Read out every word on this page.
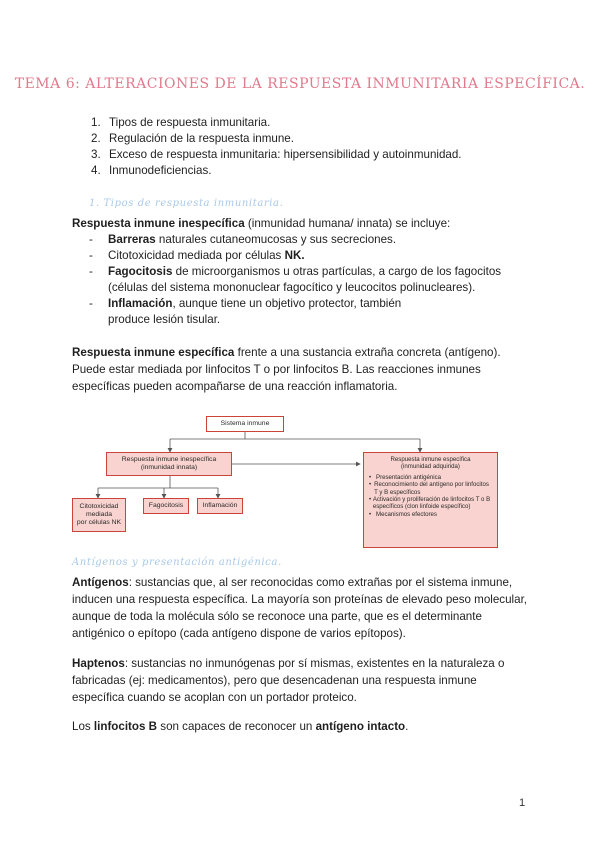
TEMA 6: ALTERACIONES DE LA RESPUESTA INMUNITARIA ESPECÍFICA.
1. Tipos de respuesta inmunitaria.
2. Regulación de la respuesta inmune.
3. Exceso de respuesta inmunitaria: hipersensibilidad y autoinmunidad.
4. Inmunodeficiencias.
1. Tipos de respuesta inmunitaria.
Respuesta inmune inespecífica (inmunidad humana/ innata) se incluye:
-	Barreras naturales cutaneomucosas y sus secreciones.
-	Citotoxicidad mediada por células NK.
-	Fagocitosis de microorganismos u otras partículas, a cargo de los fagocitos (células del sistema mononuclear fagocítico y leucocitos polinucleares).
-	Inflamación, aunque tiene un objetivo protector, también
produce lesión tisular.
Respuesta inmune específica frente a una sustancia extraña concreta (antígeno). Puede estar mediada por linfocitos T o por linfocitos B. Las reacciones inmunes específicas pueden acompañarse de una reacción inflamatoria.
Sistema inmune
Respuesta inmune inespecífica
(inmunidad innata)
Respuesta inmune específica
(inmunidad adquirida)
• Presentación antigénica
• Reconocimiento del antígeno por linfocitos T y B específicos
• Activación y proliferación de linfocitos T o B específicos (clon linfoide específico)
• Mecanismos efectores
Citotoxicidad
mediada
por células NK
Fagocitosis	Inflamación
Antígenos y presentación antigénica.
Antígenos: sustancias que, al ser reconocidas como extrañas por el sistema inmune, inducen una respuesta específica. La mayoría son proteínas de elevado peso molecular, aunque de toda la molécula sólo se reconoce una parte, que es el determinante antigénico o epítopo (cada antígeno dispone de varios epítopos).
Haptenos: sustancias no inmunógenas por sí mismas, existentes en la naturaleza o fabricadas (ej: medicamentos), pero que desencadenan una respuesta inmune específica cuando se acoplan con un portador proteico.
Los linfocitos B son capaces de reconocer un antígeno intacto.
1
